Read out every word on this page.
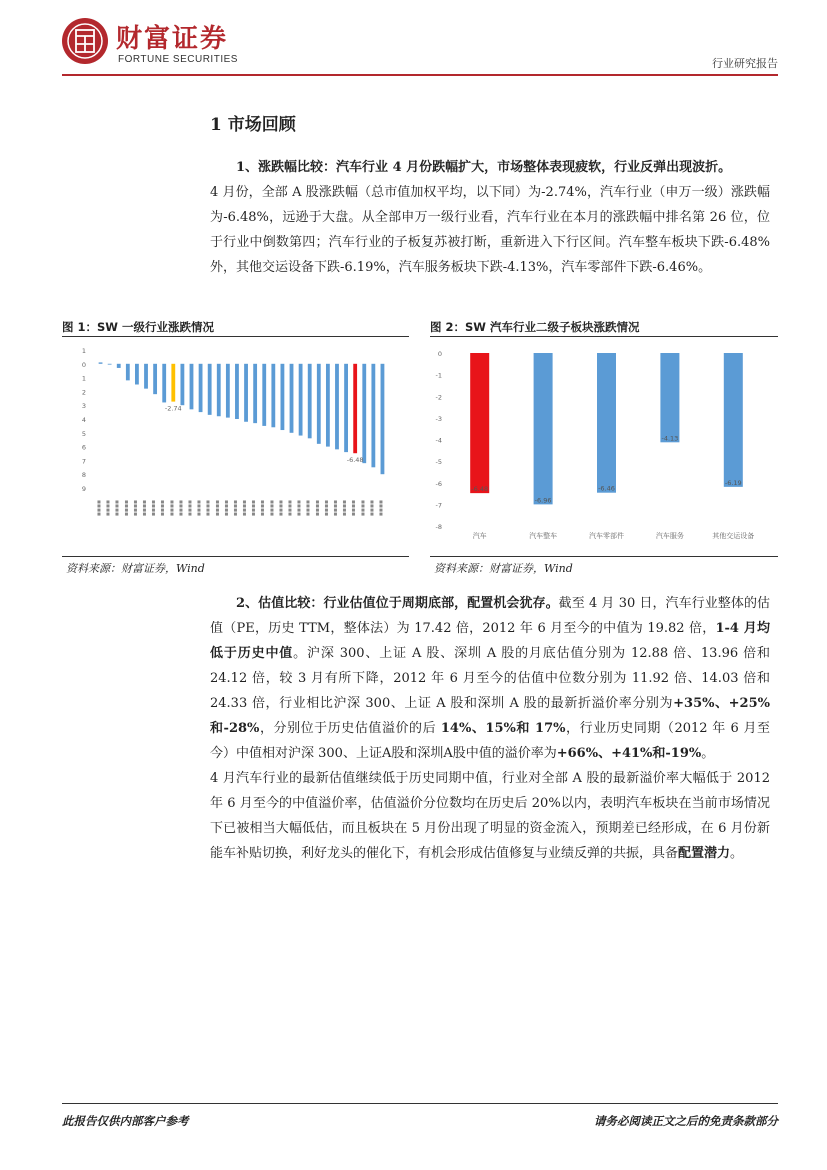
财富证券
FORTUNE SECURITIES	行业研究报告
1 市场回顾
1、涨跌幅比较：汽车行业 4 月份跌幅扩大，市场整体表现疲软，行业反弹出现波折。
4 月份，全部 A 股涨跌幅（总市值加权平均，以下同）为-2.74%，汽车行业（申万一级）涨跌幅为-6.48%，远逊于大盘。从全部申万一级行业看，汽车行业在本月的涨跌幅中排名第 26 位，位于行业中倒数第四；汽车行业的子板复苏被打断，重新进入下行区间。汽车整车板块下跌-6.48%外，其他交运设备下跌-6.19%，汽车服务板块下跌-4.13%，汽车零部件下跌-6.46%。
图 1：SW 一级行业涨跌情况
1
0
1
2
3
4
5
6
7
8
9
▪▪▪▪ ▪▪▪▪ ▪▪▪▪ ▪▪▪▪ ▪▪▪▪ ▪▪▪▪ ▪▪▪▪ ▪▪▪▪ ▪▪▪▪ ▪▪▪▪ ▪▪▪▪ ▪▪▪▪ ▪▪▪▪ ▪▪▪▪ ▪▪▪▪ ▪▪▪▪ ▪▪▪▪ ▪▪▪▪ ▪▪▪▪ ▪▪▪▪ ▪▪▪▪ ▪▪▪▪ ▪▪▪▪ ▪▪▪▪ ▪▪▪▪ ▪▪▪▪ ▪▪▪▪ ▪▪▪▪ ▪▪▪▪ ▪▪▪▪ ▪▪▪▪ ▪▪▪▪
-2.74
-6.48
资料来源：财富证券，Wind
图 2：SW 汽车行业二级子板块涨跌情况
0
-1
-2
-3
-4
-5
-6
-7
-8
-6.48
汽车
-6.96
汽车整车
-6.46
汽车零部件
-4.13
汽车服务
-6.19
其他交运设备
资料来源：财富证券，Wind
2、估值比较：行业估值位于周期底部，配置机会犹存。截至 4 月 30 日，汽车行业整体的估值（PE，历史 TTM，整体法）为 17.42 倍，2012 年 6 月至今的中值为 19.82 倍，1-4 月均低于历史中值。沪深 300、上证 A 股、深圳 A 股的月底估值分别为 12.88 倍、13.96 倍和 24.12 倍，较 3 月有所下降，2012 年 6 月至今的估值中位数分别为 11.92 倍、14.03 倍和 24.33 倍，行业相比沪深 300、上证 A 股和深圳 A 股的最新折溢价率分别为+35%、+25%和-28%，分别位于历史估值溢价的后 14%、15%和 17%，行业历史同期（2012 年 6 月至今）中值相对沪深 300、上证A股和深圳A股中值的溢价率为+66%、+41%和-19%。
4 月汽车行业的最新估值继续低于历史同期中值，行业对全部 A 股的最新溢价率大幅低于 2012 年 6 月至今的中值溢价率，估值溢价分位数均在历史后 20%以内，表明汽车板块在当前市场情况下已被相当大幅低估，而且板块在 5 月份出现了明显的资金流入，预期差已经形成，在 6 月份新能车补贴切换，利好龙头的催化下，有机会形成估值修复与业绩反弹的共振，具备配置潜力。
此报告仅供内部客户参考	请务必阅读正文之后的免责条款部分
